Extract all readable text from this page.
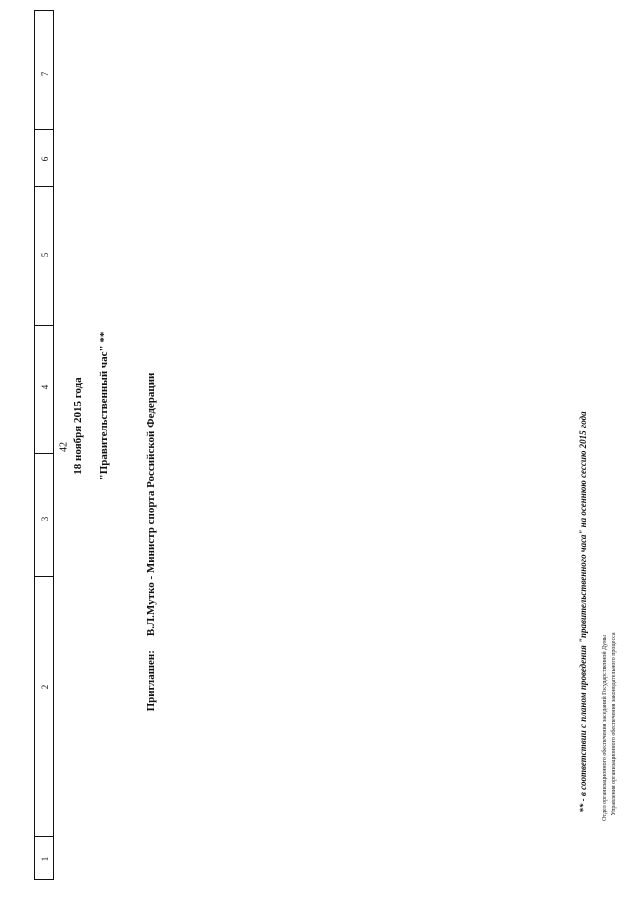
42
1
2
3
4
5
6
7
18 ноября 2015 года "Правительственный час" **
Приглашен:В.Л.Мутко - Министр спорта Российской Федерации	** - в соответствии с планом проведения "правительственного часа" на осеннюю сессию 2015 года Отдел организационного обеспечения заседаний Государственной Думы Управления организационного обеспечения законодательного процесса
